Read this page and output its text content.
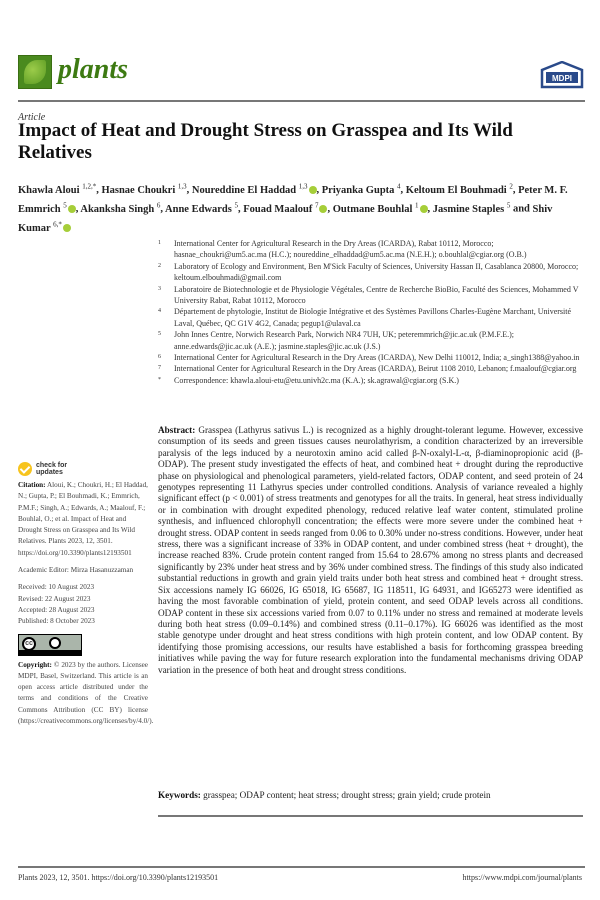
plants	MDPI
Article
Impact of Heat and Drought Stress on Grasspea and Its Wild Relatives
Khawla Aloui $^{1,2,*}$, Hasnae Choukri $^{1,3}$, Noureddine El Haddad $^{1,3}$ , Priyanka Gupta $^4$, Keltoum El Bouhmadi $^2$, Peter M. F. Emmrich $^5$ , Akanksha Singh $^6$, Anne Edwards $^5$, Fouad Maalouf $^7$ , Outmane Bouhlal $^1$ , Jasmine Staples $^5$ and Shiv Kumar $^{6,*}$
1	International Center for Agricultural Research in the Dry Areas (ICARDA), Rabat 10112, Morocco; hasnae_choukri@um5.ac.ma (H.C.); noureddine_elhaddad@um5.ac.ma (N.E.H.); o.bouhlal@cgiar.org (O.B.)
2	Laboratory of Ecology and Environment, Ben M'Sick Faculty of Sciences, University Hassan II, Casablanca 20800, Morocco; keltoum.elbouhmadi@gmail.com
3	Laboratoire de Biotechnologie et de Physiologie Végétales, Centre de Recherche BioBio, Faculté des Sciences, Mohammed V University Rabat, Rabat 10112, Morocco
4	Département de phytologie, Institut de Biologie Intégrative et des Systèmes Pavillons Charles-Eugène Marchant, Université Laval, Québec, QC G1V 4G2, Canada; pegup1@ulaval.ca
5	John Innes Centre, Norwich Research Park, Norwich NR4 7UH, UK; peteremmrich@jic.ac.uk (P.M.F.E.); anne.edwards@jic.ac.uk (A.E.); jasmine.staples@jic.ac.uk (J.S.)
6	International Center for Agricultural Research in the Dry Areas (ICARDA), New Delhi 110012, India; a_singh1388@yahoo.in
7	International Center for Agricultural Research in the Dry Areas (ICARDA), Beirut 1108 2010, Lebanon; f.maalouf@cgiar.org
*	Correspondence: khawla.aloui-etu@etu.univh2c.ma (K.A.); sk.agrawal@cgiar.org (S.K.)
check for
updates
Citation: Aloui, K.; Choukri, H.; El Haddad, N.; Gupta, P.; El Bouhmadi, K.; Emmrich, P.M.F.; Singh, A.; Edwards, A.; Maalouf, F.; Bouhlal, O.; et al. Impact of Heat and Drought Stress on Grasspea and Its Wild Relatives. Plants 2023, 12, 3501. https://doi.org/10.3390/plants12193501
Academic Editor: Mirza Hasanuzzaman
Received: 10 August 2023
Revised: 22 August 2023
Accepted: 28 August 2023
Published: 8 October 2023
cc
Copyright: © 2023 by the authors. Licensee MDPI, Basel, Switzerland. This article is an open access article distributed under the terms and conditions of the Creative Commons Attribution (CC BY) license (https://creativecommons.org/licenses/by/4.0/).
Abstract: Grasspea (Lathyrus sativus L.) is recognized as a highly drought-tolerant legume. However, excessive consumption of its seeds and green tissues causes neurolathyrism, a condition characterized by an irreversible paralysis of the legs induced by a neurotoxin amino acid called β-N-oxalyl-L-α, β-diaminopropionic acid (β-ODAP). The present study investigated the effects of heat, and combined heat + drought during the reproductive phase on physiological and phenological parameters, yield-related factors, ODAP content, and seed protein of 24 genotypes representing 11 Lathyrus species under controlled conditions. Analysis of variance revealed a highly significant effect (p < 0.001) of stress treatments and genotypes for all the traits. In general, heat stress individually or in combination with drought expedited phenology, reduced relative leaf water content, stimulated proline synthesis, and influenced chlorophyll concentration; the effects were more severe under the combined heat + drought stress. ODAP content in seeds ranged from 0.06 to 0.30% under no-stress conditions. However, under heat stress, there was a significant increase of 33% in ODAP content, and under combined stress (heat + drought), the increase reached 83%. Crude protein content ranged from 15.64 to 28.67% among no stress plants and decreased significantly by 23% under heat stress and by 36% under combined stress. The findings of this study also indicated substantial reductions in growth and grain yield traits under both heat stress and combined heat + drought stress. Six accessions namely IG 66026, IG 65018, IG 65687, IG 118511, IG 64931, and IG65273 were identified as having the most favorable combination of yield, protein content, and seed ODAP levels across all conditions. ODAP content in these six accessions varied from 0.07 to 0.11% under no stress and remained at moderate levels during both heat stress (0.09–0.14%) and combined stress (0.11–0.17%). IG 66026 was identified as the most stable genotype under drought and heat stress conditions with high protein content, and low ODAP content. By identifying those promising accessions, our results have established a basis for forthcoming grasspea breeding initiatives while paving the way for future research exploration into the fundamental mechanisms driving ODAP variation in the presence of both heat and drought stress conditions.
Keywords: grasspea; ODAP content; heat stress; drought stress; grain yield; crude protein
Plants 2023, 12, 3501. https://doi.org/10.3390/plants12193501	https://www.mdpi.com/journal/plants
